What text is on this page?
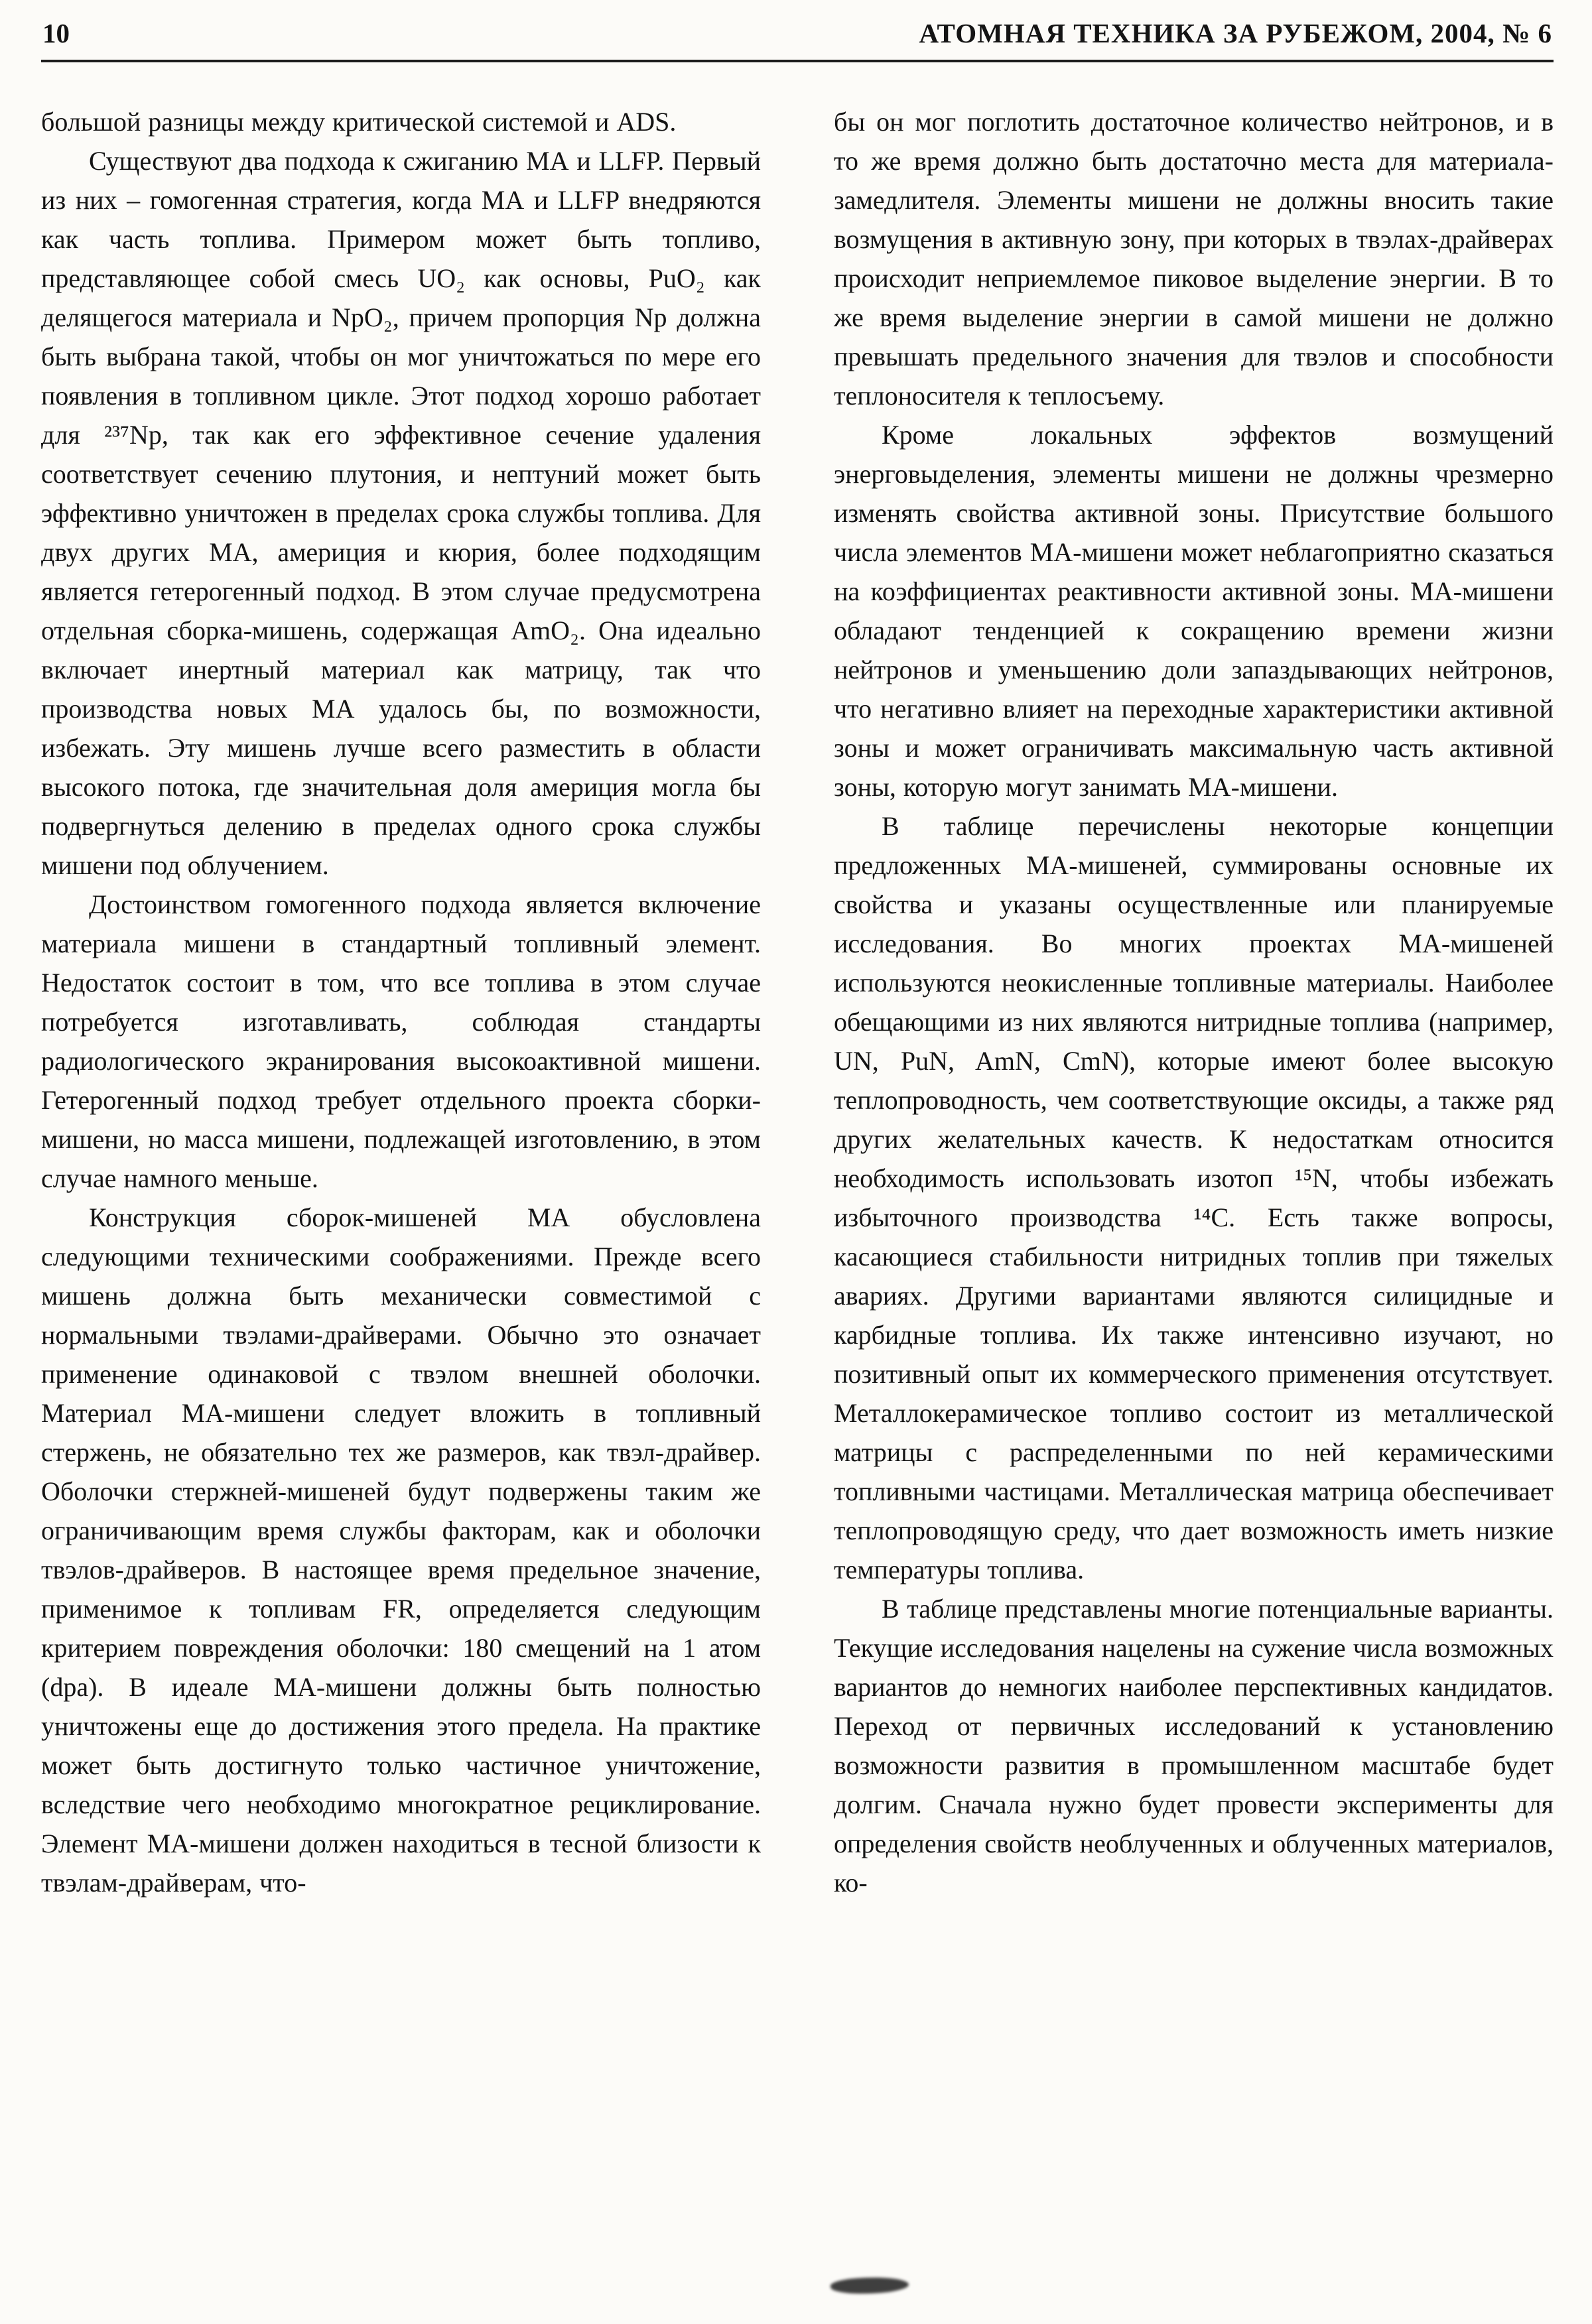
10	АТОМНАЯ ТЕХНИКА ЗА РУБЕЖОМ, 2004, № 6

большой разницы между критической системой и ADS.

Существуют два подхода к сжиганию МА и LLFP. Первый из них – гомогенная стратегия, когда МА и LLFP внедряются как часть топлива. Примером может быть топливо, представляющее собой смесь UO₂ как основы, PuO₂ как делящегося материала и NpO₂, причем пропорция Np должна быть выбрана такой, чтобы он мог уничтожаться по мере его появления в топливном цикле. Этот подход хорошо работает для ²³⁷Np, так как его эффективное сечение удаления соответствует сечению плутония, и нептуний может быть эффективно уничтожен в пределах срока службы топлива. Для двух других МА, америция и кюрия, более подходящим является гетерогенный подход. В этом случае предусмотрена отдельная сборка-мишень, содержащая AmO₂. Она идеально включает инертный материал как матрицу, так что производства новых МА удалось бы, по возможности, избежать. Эту мишень лучше всего разместить в области высокого потока, где значительная доля америция могла бы подвергнуться делению в пределах одного срока службы мишени под облучением.

Достоинством гомогенного подхода является включение материала мишени в стандартный топливный элемент. Недостаток состоит в том, что все топлива в этом случае потребуется изготавливать, соблюдая стандарты радиологического экранирования высокоактивной мишени. Гетерогенный подход требует отдельного проекта сборки-мишени, но масса мишени, подлежащей изготовлению, в этом случае намного меньше.

Конструкция сборок-мишеней МА обусловлена следующими техническими соображениями. Прежде всего мишень должна быть механически совместимой с нормальными твэлами-драйверами. Обычно это означает применение одинаковой с твэлом внешней оболочки. Материал МА-мишени следует вложить в топливный стержень, не обязательно тех же размеров, как твэл-драйвер. Оболочки стержней-мишеней будут подвержены таким же ограничивающим время службы факторам, как и оболочки твэлов-драйверов. В настоящее время предельное значение, применимое к топливам FR, определяется следующим критерием повреждения оболочки: 180 смещений на 1 атом (dpa). В идеале МА-мишени должны быть полностью уничтожены еще до достижения этого предела. На практике может быть достигнуто только частичное уничтожение, вследствие чего необходимо многократное рециклирование. Элемент МА-мишени должен находиться в тесной близости к твэлам-драйверам, что-

бы он мог поглотить достаточное количество нейтронов, и в то же время должно быть достаточно места для материала-замедлителя. Элементы мишени не должны вносить такие возмущения в активную зону, при которых в твэлах-драйверах происходит неприемлемое пиковое выделение энергии. В то же время выделение энергии в самой мишени не должно превышать предельного значения для твэлов и способности теплоносителя к теплосъему.

Кроме локальных эффектов возмущений энерговыделения, элементы мишени не должны чрезмерно изменять свойства активной зоны. Присутствие большого числа элементов МА-мишени может неблагоприятно сказаться на коэффициентах реактивности активной зоны. МА-мишени обладают тенденцией к сокращению времени жизни нейтронов и уменьшению доли запаздывающих нейтронов, что негативно влияет на переходные характеристики активной зоны и может ограничивать максимальную часть активной зоны, которую могут занимать МА-мишени.

В таблице перечислены некоторые концепции предложенных МА-мишеней, суммированы основные их свойства и указаны осуществленные или планируемые исследования. Во многих проектах МА-мишеней используются неокисленные топливные материалы. Наиболее обещающими из них являются нитридные топлива (например, UN, PuN, AmN, CmN), которые имеют более высокую теплопроводность, чем соответствующие оксиды, а также ряд других желательных качеств. К недостаткам относится необходимость использовать изотоп ¹⁵N, чтобы избежать избыточного производства ¹⁴C. Есть также вопросы, касающиеся стабильности нитридных топлив при тяжелых авариях. Другими вариантами являются силицидные и карбидные топлива. Их также интенсивно изучают, но позитивный опыт их коммерческого применения отсутствует. Металлокерамическое топливо состоит из металлической матрицы с распределенными по ней керамическими топливными частицами. Металлическая матрица обеспечивает теплопроводящую среду, что дает возможность иметь низкие температуры топлива.

В таблице представлены многие потенциальные варианты. Текущие исследования нацелены на сужение числа возможных вариантов до немногих наиболее перспективных кандидатов. Переход от первичных исследований к установлению возможности развития в промышленном масштабе будет долгим. Сначала нужно будет провести эксперименты для определения свойств необлученных и облученных материалов, ко-
